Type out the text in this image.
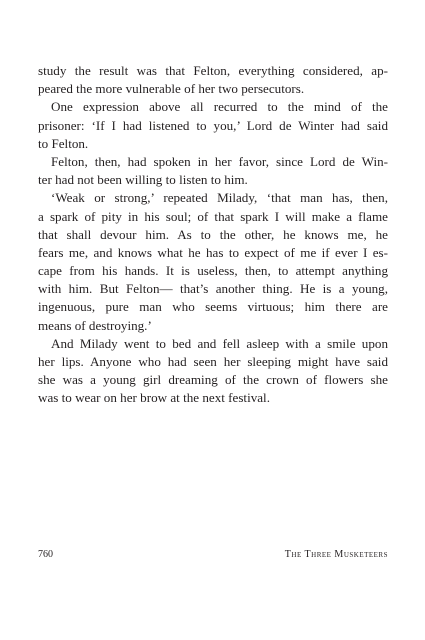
study the result was that Felton, everything considered, ap-
peared the more vulnerable of her two persecutors.
One expression above all recurred to the mind of the
prisoner: ‘If I had listened to you,’ Lord de Winter had said
to Felton.
Felton, then, had spoken in her favor, since Lord de Win-
ter had not been willing to listen to him.
‘Weak or strong,’ repeated Milady, ‘that man has, then,
a spark of pity in his soul; of that spark I will make a flame
that shall devour him. As to the other, he knows me, he
fears me, and knows what he has to expect of me if ever I es-
cape from his hands. It is useless, then, to attempt anything
with him. But Felton— that’s another thing. He is a young,
ingenuous, pure man who seems virtuous; him there are
means of destroying.’
And Milady went to bed and fell asleep with a smile upon
her lips. Anyone who had seen her sleeping might have said
she was a young girl dreaming of the crown of flowers she
was to wear on her brow at the next festival.
760	The Three Musketeers
